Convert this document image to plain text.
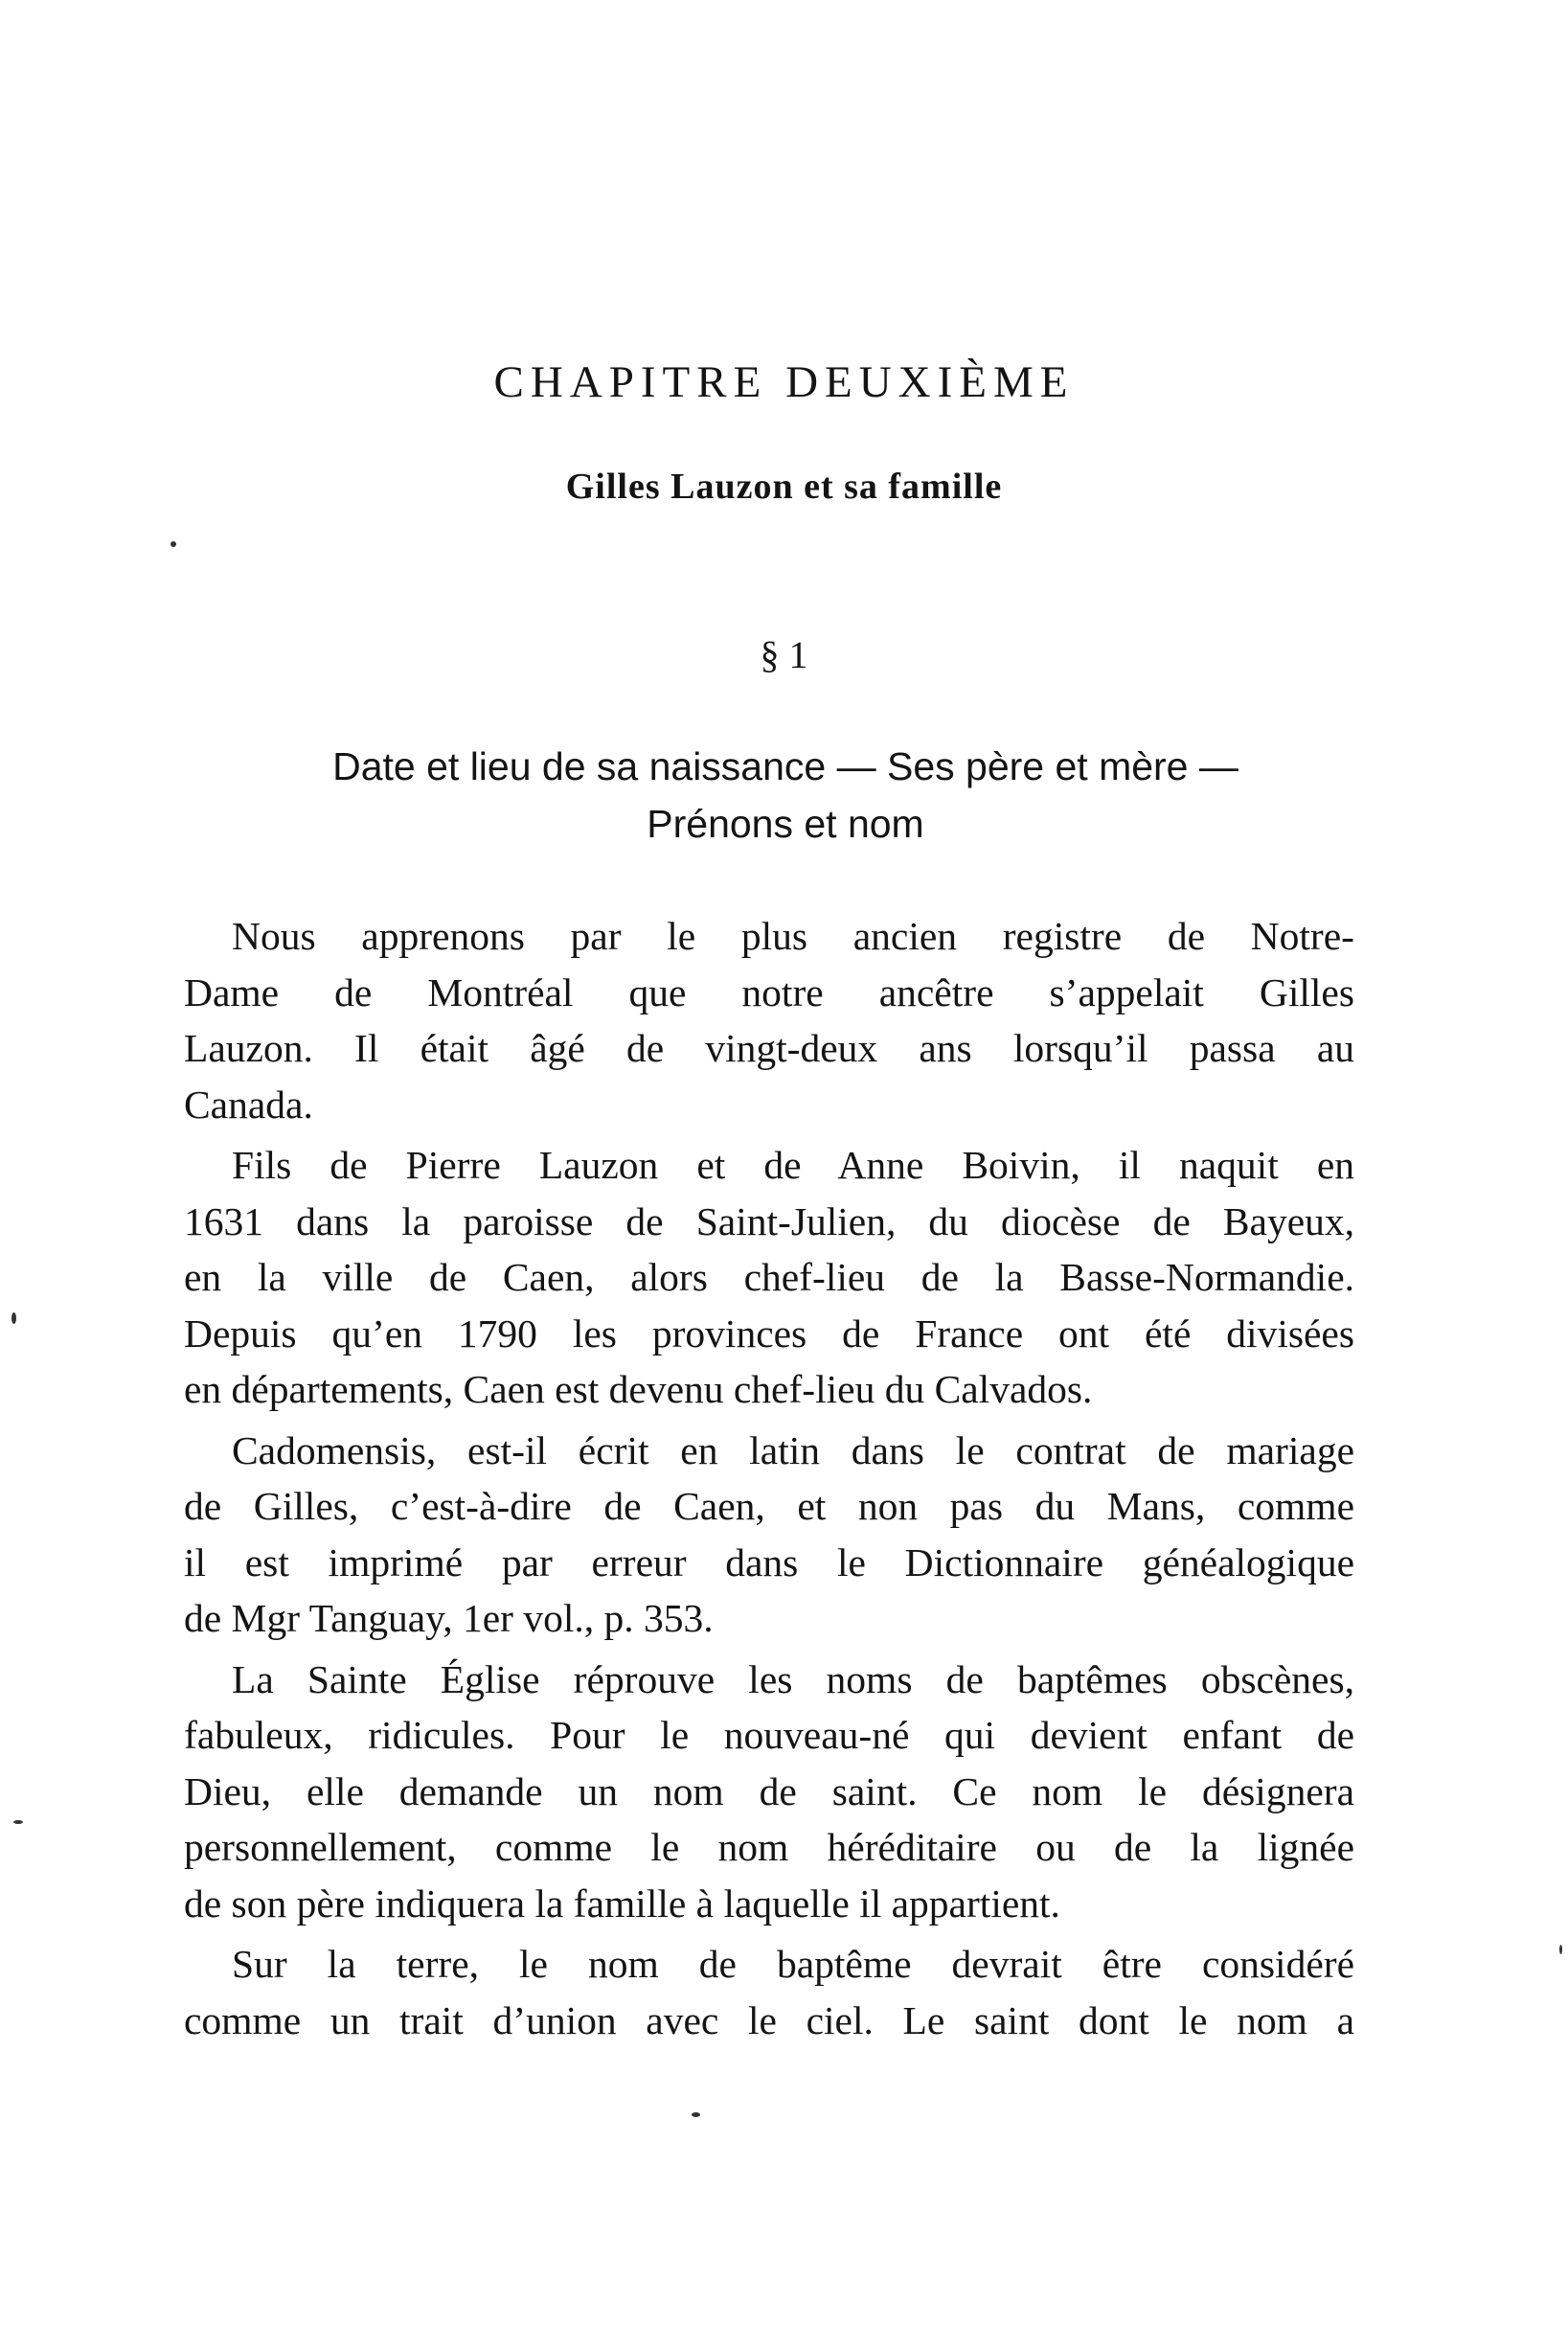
CHAPITRE DEUXIÈME
Gilles Lauzon et sa famille
§ 1
Date et lieu de sa naissance — Ses père et mère —
Prénons et nom

Nous apprenons par le plus ancien registre de Notre-
Dame de Montréal que notre ancêtre s’appelait Gilles
Lauzon. Il était âgé de vingt-deux ans lorsqu’il passa au
Canada.

Fils de Pierre Lauzon et de Anne Boivin, il naquit en
1631 dans la paroisse de Saint-Julien, du diocèse de Bayeux,
en la ville de Caen, alors chef-lieu de la Basse-Normandie.
Depuis qu’en 1790 les provinces de France ont été divisées
en départements, Caen est devenu chef-lieu du Calvados.

Cadomensis, est-il écrit en latin dans le contrat de mariage
de Gilles, c’est-à-dire de Caen, et non pas du Mans, comme
il est imprimé par erreur dans le Dictionnaire généalogique
de Mgr Tanguay, 1er vol., p. 353.

La Sainte Église réprouve les noms de baptêmes obscènes,
fabuleux, ridicules. Pour le nouveau-né qui devient enfant de
Dieu, elle demande un nom de saint. Ce nom le désignera
personnellement, comme le nom héréditaire ou de la lignée
de son père indiquera la famille à laquelle il appartient.

Sur la terre, le nom de baptême devrait être considéré
comme un trait d’union avec le ciel. Le saint dont le nom a
